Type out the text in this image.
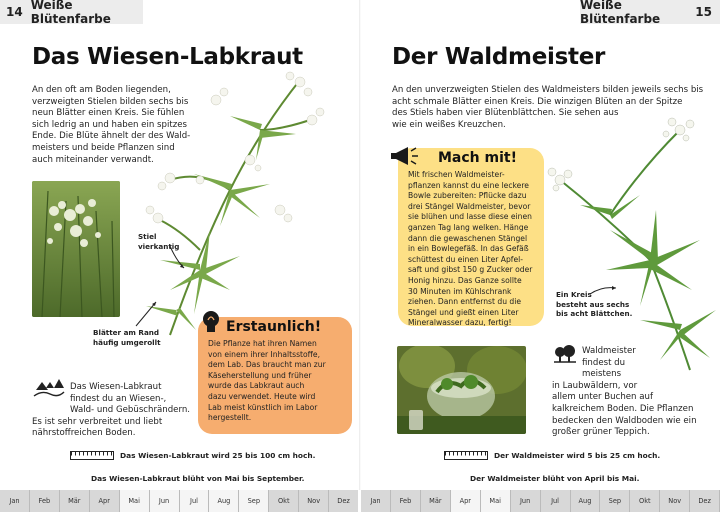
14 Weiße Blütenfarbe
Das Wiesen-Labkraut
An den oft am Boden liegenden,
verzweigten Stielen bilden sechs bis
neun Blätter einen Kreis. Sie fühlen
sich ledrig an und haben ein spitzes
Ende. Die Blüte ähnelt der des Wald-
meisters und beide Pflanzen sind
auch miteinander verwandt.
Stiel
vierkantig
Blätter am Rand
häufig umgerollt
Das Wiesen-Labkraut
findest du an Wiesen-,
Wald- und Gebüschrändern.
Es ist sehr verbreitet und liebt
nährstoffreichen Boden.
Erstaunlich!
Die Pflanze hat ihren Namen
von einem ihrer Inhaltsstoffe,
dem Lab. Das braucht man zur
Käseherstellung und früher
wurde das Labkraut auch
dazu verwendet. Heute wird
Lab meist künstlich im Labor
hergestellt.
Das Wiesen-Labkraut wird 25 bis 100 cm hoch.
Das Wiesen-Labkraut blüht von Mai bis September.
Weiße Blütenfarbe	15
Der Waldmeister
An den unverzweigten Stielen des Waldmeisters bilden jeweils sechs bis
acht schmale Blätter einen Kreis. Die winzigen Blüten an der Spitze
des Stiels haben vier Blütenblättchen. Sie sehen aus
wie ein weißes Kreuzchen.
Mach mit!
Mit frischen Waldmeister-
pflanzen kannst du eine leckere
Bowle zubereiten: Pflücke dazu
drei Stängel Waldmeister, bevor
sie blühen und lasse diese einen
ganzen Tag lang welken. Hänge
dann die gewaschenen Stängel
in ein Bowlegefäß. In das Gefäß
schüttest du einen Liter Apfel-
saft und gibst 150 g Zucker oder
Honig hinzu. Das Ganze sollte
30 Minuten im Kühlschrank
ziehen. Dann entfernst du die
Stängel und gießt einen Liter
Mineralwasser dazu, fertig!
Ein Kreis
besteht aus sechs
bis acht Blättchen.
Waldmeister
findest du
meistens
in Laubwäldern, vor
allem unter Buchen auf
kalkreichem Boden. Die Pflanzen
bedecken den Waldboden wie ein
großer grüner Teppich.
Der Waldmeister wird 5 bis 25 cm hoch.
Der Waldmeister blüht von April bis Mai.
Jan	Feb	Mär	Apr	Mai	Jun	Jul	Aug	Sep	Okt	Nov	Dez	Jan	Feb	Mär	Apr	Mai	Jun	Jul	Aug	Sep	Okt	Nov	Dez
